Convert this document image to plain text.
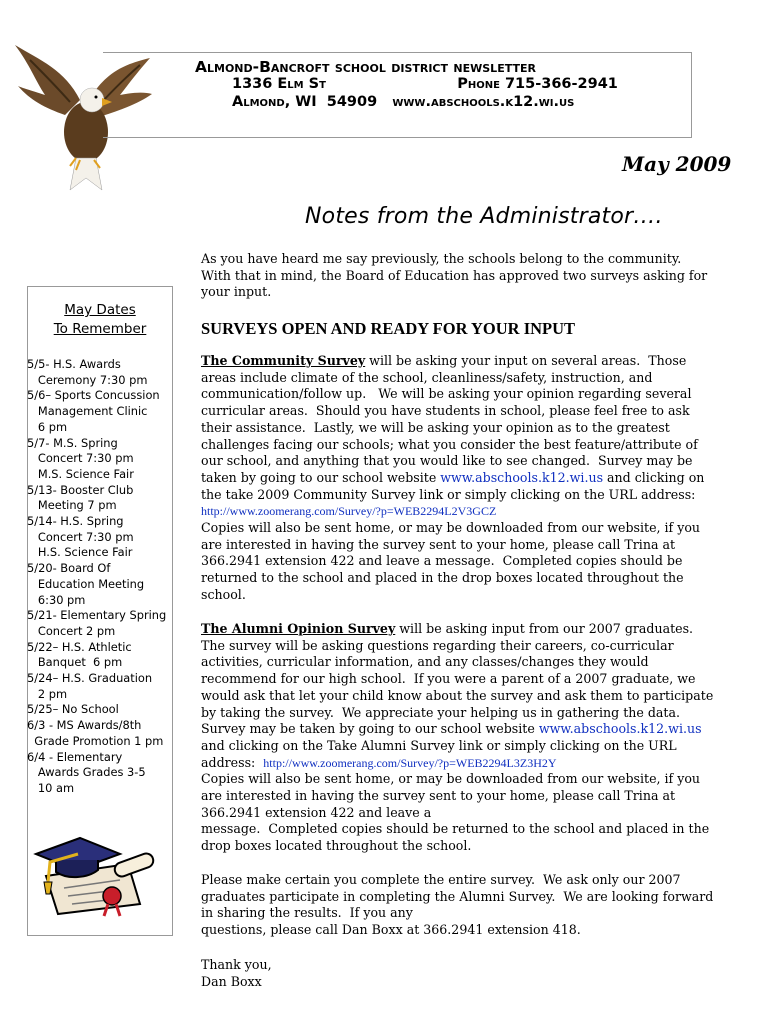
Almond-Bancroft school district newsletter
1336 Elm St	Phone 715-366-2941
Almond, WI  54909 www.abschools.k12.wi.us
May 2009
Notes from the Administrator….
As you have heard me say previously, the schools belong to the community.
With that in mind, the Board of Education has approved two surveys asking for
your input.
SURVEYS OPEN AND READY FOR YOUR INPUT
The Community Survey will be asking your input on several areas.  Those
areas include climate of the school, cleanliness/safety, instruction, and
communication/follow up.   We will be asking your opinion regarding several
curricular areas.  Should you have students in school, please feel free to ask
their assistance.  Lastly, we will be asking your opinion as to the greatest
challenges facing our schools; what you consider the best feature/attribute of
our school, and anything that you would like to see changed.  Survey may be
taken by going to our school website www.abschools.k12.wi.us and clicking on
the take 2009 Community Survey link or simply clicking on the URL address:
http://www.zoomerang.com/Survey/?p=WEB2294L2V3GCZ
Copies will also be sent home, or may be downloaded from our website, if you
are interested in having the survey sent to your home, please call Trina at
366.2941 extension 422 and leave a message.  Completed copies should be
returned to the school and placed in the drop boxes located throughout the
school.
The Alumni Opinion Survey will be asking input from our 2007 graduates.
The survey will be asking questions regarding their careers, co-curricular
activities, curricular information, and any classes/changes they would
recommend for our high school.  If you were a parent of a 2007 graduate, we
would ask that let your child know about the survey and ask them to participate
by taking the survey.  We appreciate your helping us in gathering the data.
Survey may be taken by going to our school website www.abschools.k12.wi.us
and clicking on the Take Alumni Survey link or simply clicking on the URL
address:  http://www.zoomerang.com/Survey/?p=WEB2294L3Z3H2Y
Copies will also be sent home, or may be downloaded from our website, if you
are interested in having the survey sent to your home, please call Trina at
366.2941 extension 422 and leave a
message.  Completed copies should be returned to the school and placed in the
drop boxes located throughout the school.
Please make certain you complete the entire survey.  We ask only our 2007
graduates participate in completing the Alumni Survey.  We are looking forward
in sharing the results.  If you any
questions, please call Dan Boxx at 366.2941 extension 418.
Thank you,
Dan Boxx
May Dates
To Remember
5/5- H.S. Awards
Ceremony 7:30 pm
5/6– Sports Concussion
Management Clinic
6 pm
5/7- M.S. Spring
Concert 7:30 pm
M.S. Science Fair
5/13- Booster Club
Meeting 7 pm
5/14- H.S. Spring
Concert 7:30 pm
H.S. Science Fair
5/20- Board Of
Education Meeting
6:30 pm
5/21- Elementary Spring
Concert 2 pm
5/22– H.S. Athletic
Banquet  6 pm
5/24– H.S. Graduation
2 pm
5/25– No School
6/3 - MS Awards/8th
Grade Promotion 1 pm
6/4 - Elementary
Awards Grades 3-5
10 am
